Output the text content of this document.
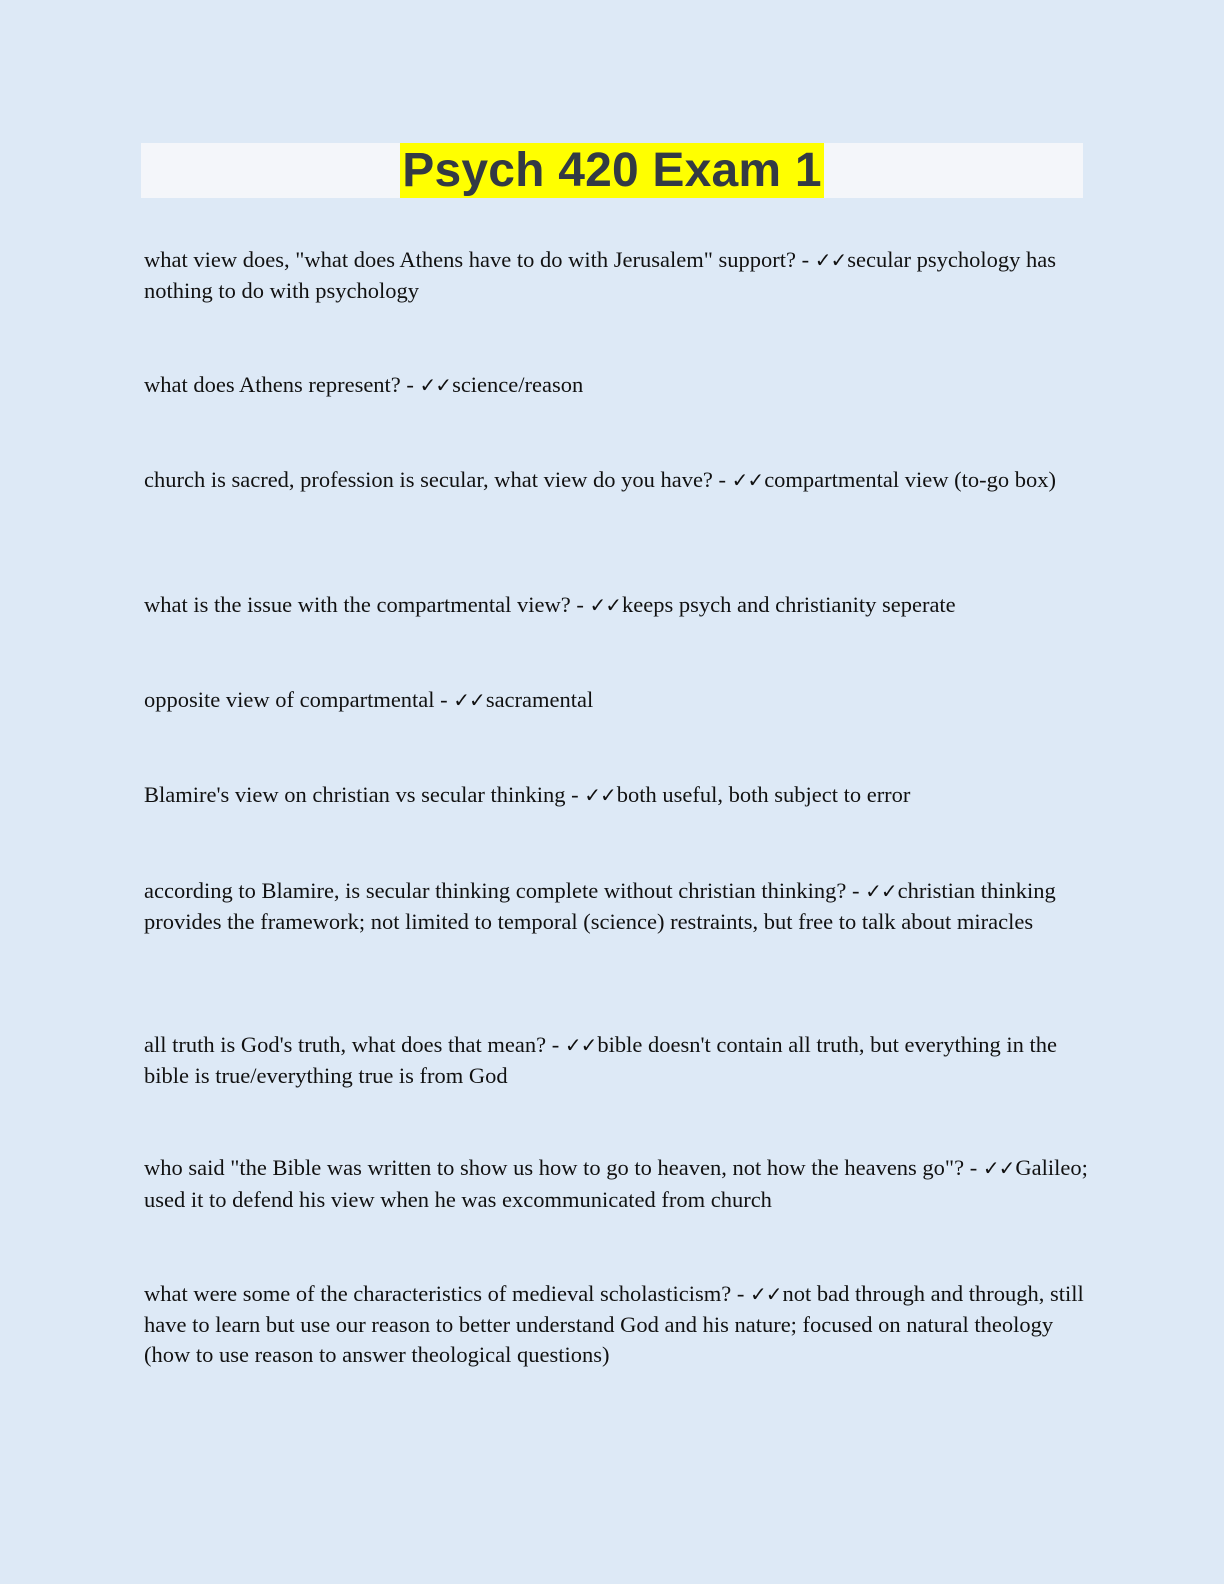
Psych 420 Exam 1

what view does, "what does Athens have to do with Jerusalem" support? - ✓✓secular psychology has nothing to do with psychology

what does Athens represent? - ✓✓science/reason

church is sacred, profession is secular, what view do you have? - ✓✓compartmental view (to-go box)

what is the issue with the compartmental view? - ✓✓keeps psych and christianity seperate

opposite view of compartmental - ✓✓sacramental

Blamire's view on christian vs secular thinking - ✓✓both useful, both subject to error

according to Blamire, is secular thinking complete without christian thinking? - ✓✓christian thinking provides the framework; not limited to temporal (science) restraints, but free to talk about miracles

all truth is God's truth, what does that mean? - ✓✓bible doesn't contain all truth, but everything in the bible is true/everything true is from God

who said "the Bible was written to show us how to go to heaven, not how the heavens go"? - ✓✓Galileo; used it to defend his view when he was excommunicated from church

what were some of the characteristics of medieval scholasticism? - ✓✓not bad through and through, still have to learn but use our reason to better understand God and his nature; focused on natural theology (how to use reason to answer theological questions)
